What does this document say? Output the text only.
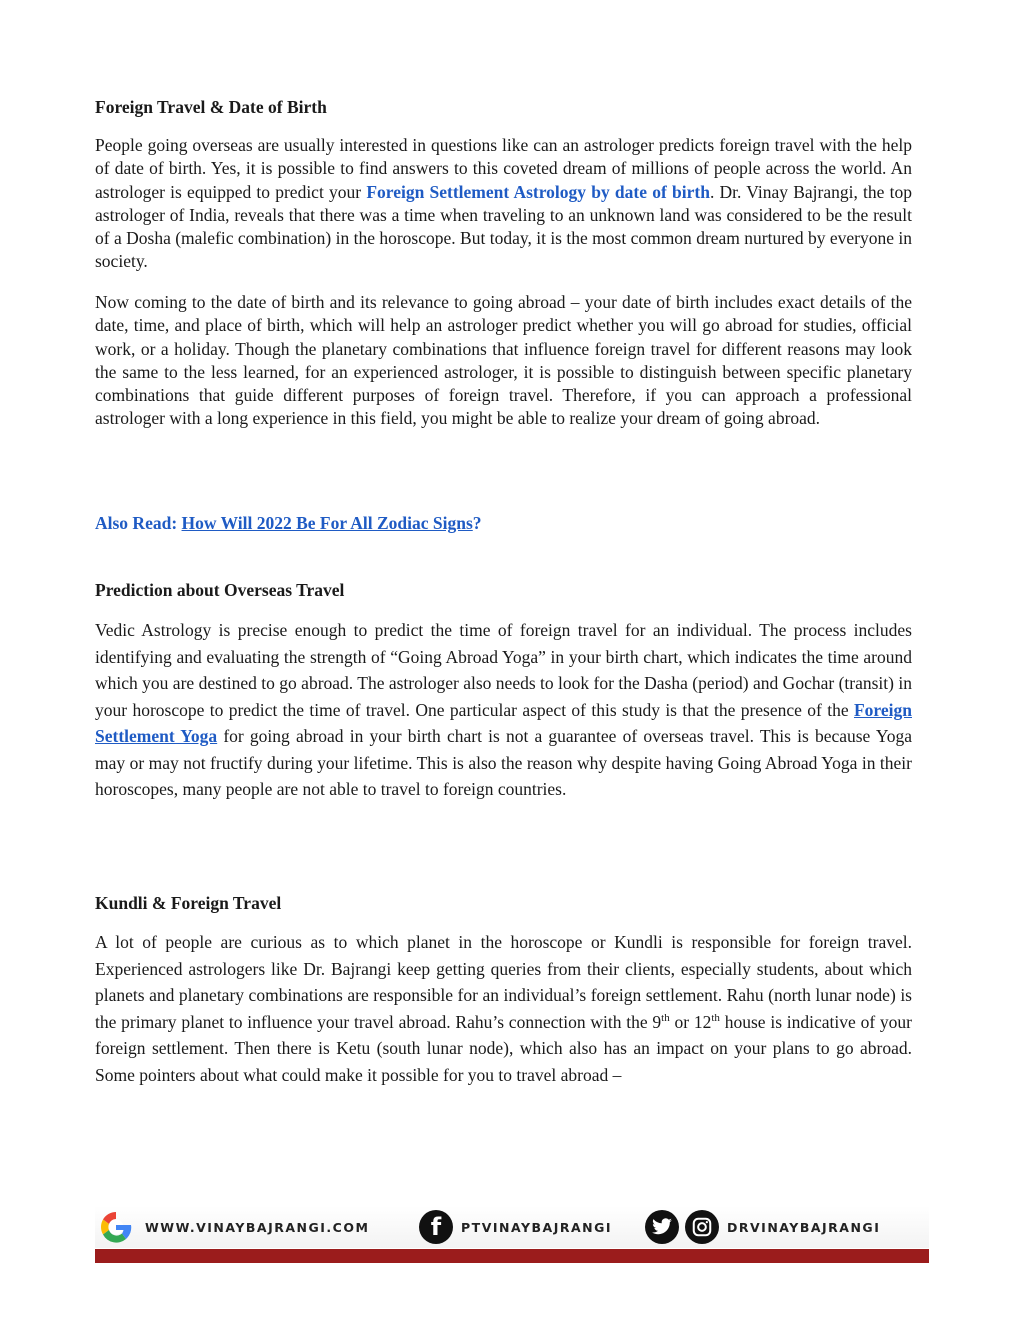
Foreign Travel & Date of Birth

People going overseas are usually interested in questions like can an astrologer predicts foreign travel with the help of date of birth. Yes, it is possible to find answers to this coveted dream of millions of people across the world. An astrologer is equipped to predict your Foreign Settlement Astrology by date of birth. Dr. Vinay Bajrangi, the top astrologer of India, reveals that there was a time when traveling to an unknown land was considered to be the result of a Dosha (malefic combination) in the horoscope. But today, it is the most common dream nurtured by everyone in society.

Now coming to the date of birth and its relevance to going abroad – your date of birth includes exact details of the date, time, and place of birth, which will help an astrologer predict whether you will go abroad for studies, official work, or a holiday. Though the planetary combinations that influence foreign travel for different reasons may look the same to the less learned, for an experienced astrologer, it is possible to distinguish between specific planetary combinations that guide different purposes of foreign travel. Therefore, if you can approach a professional astrologer with a long experience in this field, you might be able to realize your dream of going abroad.

Also Read: How Will 2022 Be For All Zodiac Signs?

Prediction about Overseas Travel

Vedic Astrology is precise enough to predict the time of foreign travel for an individual. The process includes identifying and evaluating the strength of “Going Abroad Yoga” in your birth chart, which indicates the time around which you are destined to go abroad. The astrologer also needs to look for the Dasha (period) and Gochar (transit) in your horoscope to predict the time of travel. One particular aspect of this study is that the presence of the Foreign Settlement Yoga for going abroad in your birth chart is not a guarantee of overseas travel. This is because Yoga may or may not fructify during your lifetime. This is also the reason why despite having Going Abroad Yoga in their horoscopes, many people are not able to travel to foreign countries.

Kundli & Foreign Travel

A lot of people are curious as to which planet in the horoscope or Kundli is responsible for foreign travel. Experienced astrologers like Dr. Bajrangi keep getting queries from their clients, especially students, about which planets and planetary combinations are responsible for an individual’s foreign settlement. Rahu (north lunar node) is the primary planet to influence your travel abroad. Rahu’s connection with the 9th or 12th house is indicative of your foreign settlement. Then there is Ketu (south lunar node), which also has an impact on your plans to go abroad. Some pointers about what could make it possible for you to travel abroad –

WWW.VINAYBAJRANGI.COM	f	PTVINAYBAJRANGI	DRVINAYBAJRANGI
